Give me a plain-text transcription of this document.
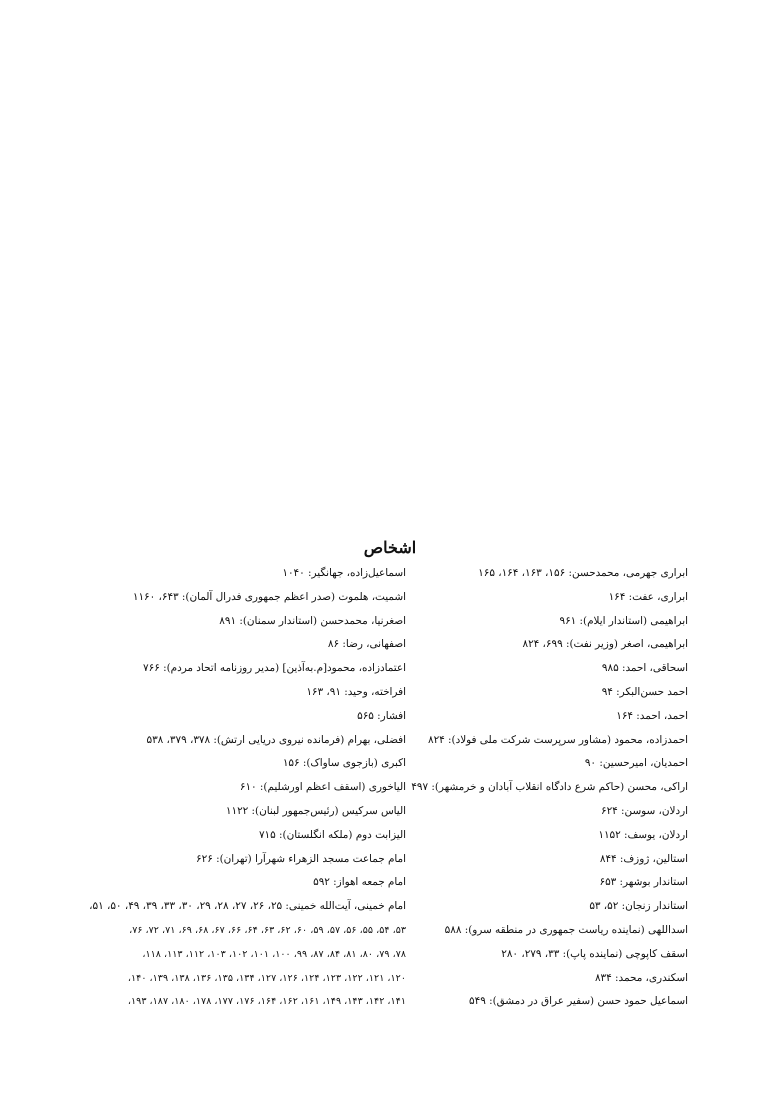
اشخاص
ابراری جهرمی، محمدحسن: ۱۵۶، ۱۶۳، ۱۶۴، ۱۶۵
ابراری، عفت: ۱۶۴
ابراهیمی (استاندار ایلام): ۹۶۱
ابراهیمی، اصغر (وزیر نفت): ۶۹۹، ۸۲۴
اسحاقی، احمد: ۹۸۵
احمد حسن‌البکر: ۹۴
احمد، احمد: ۱۶۴
احمدزاده، محمود (مشاور سرپرست شرکت ملی فولاد): ۸۲۴
احمدیان، امیرحسین: ۹۰
اراکی، محسن (حاکم شرع دادگاه انقلاب آبادان و خرمشهر): ۴۹۷
اردلان، سوسن: ۶۲۴
اردلان، یوسف: ۱۱۵۲
استالین، ژوزف: ۸۴۴
استاندار بوشهر: ۶۵۳
استاندار زنجان: ۵۲، ۵۳
اسداللهی (نماینده ریاست جمهوری در منطقه سرو): ۵۸۸
اسقف کاپوچی (نماینده پاپ): ۳۳، ۲۷۹، ۲۸۰
اسکندری، محمد: ۸۳۴
اسماعیل حمود حسن (سفیر عراق در دمشق): ۵۴۹
اسماعیل‌زاده، جهانگیر: ۱۰۴۰
اشمیت، هلموت (صدر اعظم جمهوری فدرال آلمان): ۶۴۳، ۱۱۶۰
اصغرنیا، محمدحسن (استاندار سمنان): ۸۹۱
اصفهانی، رضا: ۸۶
اعتمادزاده، محمود[م.به‌آذین] (مدیر روزنامه اتحاد مردم): ۷۶۶
افراخته، وحید: ۹۱، ۱۶۳
افشار: ۵۶۵
افضلی، بهرام (فرمانده نیروی دریایی ارتش): ۳۷۸، ۳۷۹، ۵۳۸
اکبری (بازجوی ساواک): ۱۵۶
الیاخوری (اسقف اعظم اورشلیم): ۶۱۰
الیاس سرکیس (رئیس‌جمهور لبنان): ۱۱۲۲
الیزابت دوم (ملکه انگلستان): ۷۱۵
امام جماعت مسجد الزهراء شهرآرا (تهران): ۶۲۶
امام جمعه اهواز: ۵۹۲
امام خمینی، آیت‌الله خمینی: ۲۵، ۲۶، ۲۷، ۲۸، ۲۹، ۳۰، ۳۳، ۳۹، ۴۹، ۵۰، ۵۱،
۵۳، ۵۴، ۵۵، ۵۶، ۵۷، ۵۹، ۶۰، ۶۲، ۶۳، ۶۴، ۶۶، ۶۷، ۶۸، ۶۹، ۷۱، ۷۲، ۷۶،
۷۸، ۷۹، ۸۰، ۸۱، ۸۴، ۸۷، ۹۹، ۱۰۰، ۱۰۱، ۱۰۲، ۱۰۳، ۱۱۲، ۱۱۳، ۱۱۸،
۱۲۰، ۱۲۱، ۱۲۲، ۱۲۳، ۱۲۴، ۱۲۶، ۱۲۷، ۱۳۴، ۱۳۵، ۱۳۶، ۱۳۸، ۱۳۹، ۱۴۰،
۱۴۱، ۱۴۲، ۱۴۳، ۱۴۹، ۱۶۱، ۱۶۲، ۱۶۴، ۱۷۶، ۱۷۷، ۱۷۸، ۱۸۰، ۱۸۷، ۱۹۳،
